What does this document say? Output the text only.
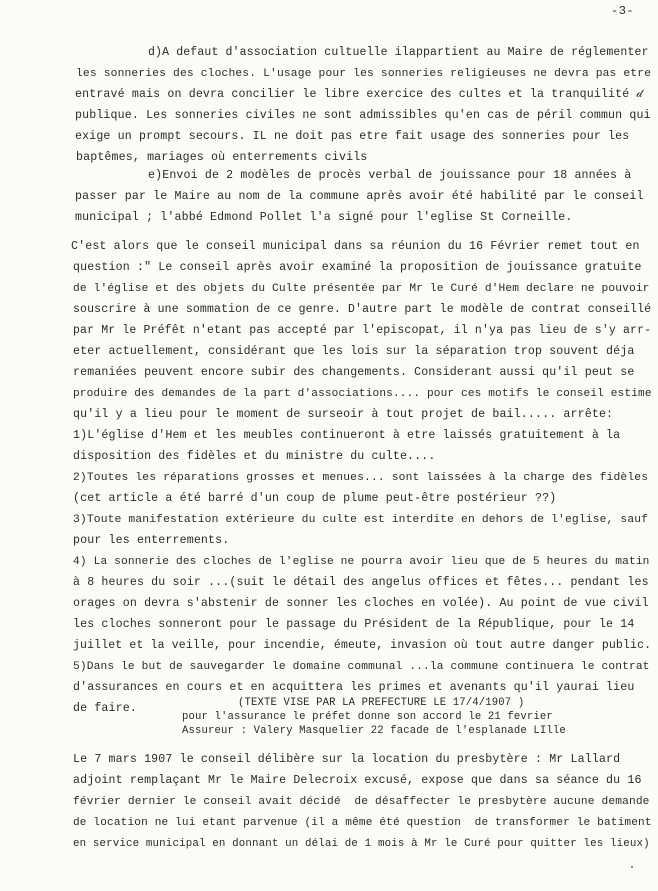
-3-
d)A defaut d'association cultuelle ilappartient au Maire de réglementer
les sonneries des cloches. L'usage pour les sonneries religieuses ne devra pas etre
entravé mais on devra concilier le libre exercice des cultes et la tranquilité 𝒹
publique. Les sonneries civiles ne sont admissibles qu'en cas de péril commun qui
exige un prompt secours. IL ne doit pas etre fait usage des sonneries pour les
baptêmes, mariages où enterrements civils
e)Envoi de 2 modèles de procès verbal de jouissance pour 18 années à
passer par le Maire au nom de la commune après avoir été habilité par le conseil
municipal ; l'abbé Edmond Pollet l'a signé pour l'eglise St Corneille.
C'est alors que le conseil municipal dans sa réunion du 16 Février remet tout en
question :" Le conseil après avoir examiné la proposition de jouissance gratuite
de l'église et des objets du Culte présentée par Mr le Curé d'Hem declare ne pouvoir
souscrire à une sommation de ce genre. D'autre part le modèle de contrat conseillé
par Mr le Préfêt n'etant pas accepté par l'episcopat, il n'ya pas lieu de s'y arr-
eter actuellement, considérant que les lois sur la séparation trop souvent déja
remaniées peuvent encore subir des changements. Considerant aussi qu'il peut se
produire des demandes de la part d'associations.... pour ces motifs le conseil estime
qu'il y a lieu pour le moment de surseoir à tout projet de bail..... arrête:
1)L'église d'Hem et les meubles continueront à etre laissés gratuitement à la
disposition des fidèles et du ministre du culte....
2)Toutes les réparations grosses et menues... sont laissées à la charge des fidèles
(cet article a été barré d'un coup de plume peut-être postérieur ??)
3)Toute manifestation extérieure du culte est interdite en dehors de l'eglise, sauf
pour les enterrements.
4) La sonnerie des cloches de l'eglise ne pourra avoir lieu que de 5 heures du matin
à 8 heures du soir ...(suit le détail des angelus offices et fêtes... pendant les
orages on devra s'abstenir de sonner les cloches en volée). Au point de vue civil
les cloches sonneront pour le passage du Président de la République, pour le 14
juillet et la veille, pour incendie, émeute, invasion où tout autre danger public.
5)Dans le but de sauvegarder le domaine communal ...la commune continuera le contrat
d'assurances en cours et en acquittera les primes et avenants qu'il yaurai lieu
de faire.	(TEXTE VISE PAR LA PREFECTURE LE 17/4/1907 )
pour l'assurance le préfet donne son accord le 21 fevrier
Assureur : Valery Masquelier 22 facade de l'esplanade LIlle
Le 7 mars 1907 le conseil délibère sur la location du presbytère : Mr Lallard
adjoint remplaçant Mr le Maire Delecroix excusé, expose que dans sa séance du 16
février dernier le conseil avait décidé  de désaffecter le presbytère aucune demande
de location ne lui etant parvenue (il a même été question  de transformer le batiment
en service municipal en donnant un délai de 1 mois à Mr le Curé pour quitter les lieux)
